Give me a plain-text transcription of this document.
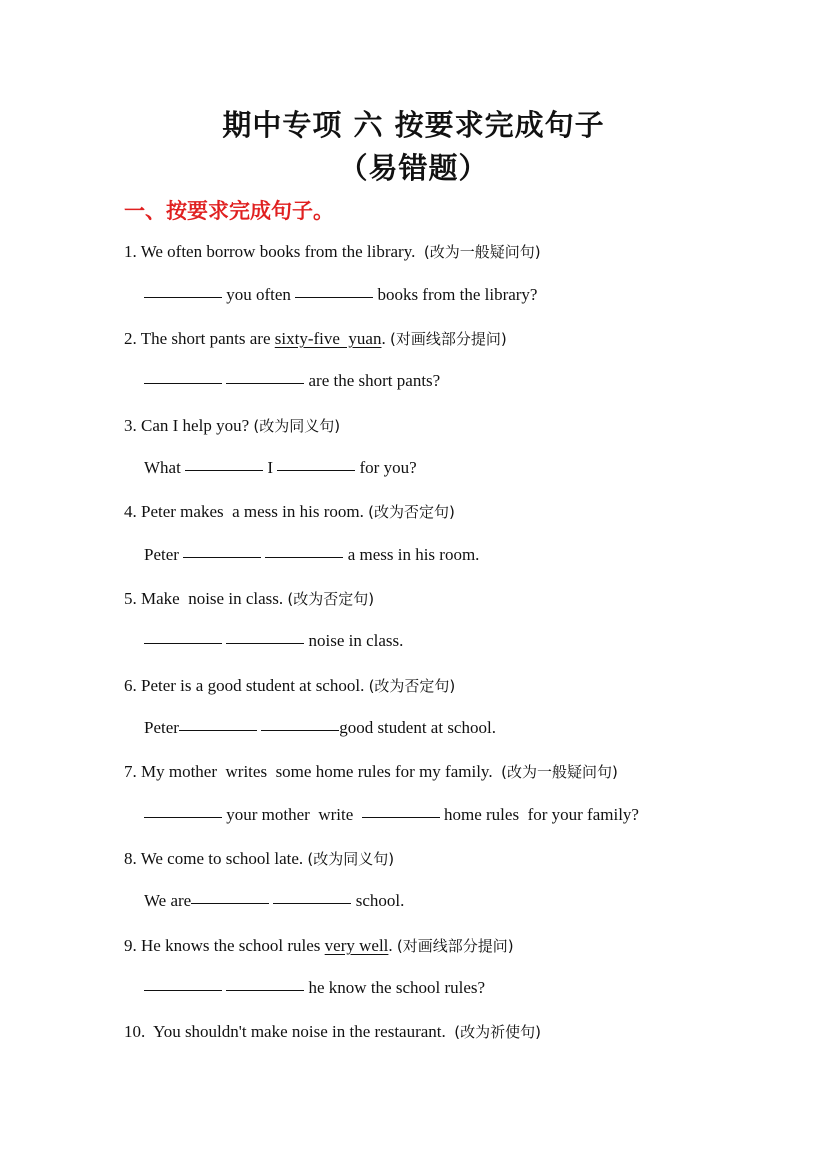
期中专项 六 按要求完成句子
（易错题）
一、按要求完成句子。
1. We often borrow books from the library.  (改为一般疑问句)
you often	books from the library?
2. The short pants are sixty-five  yuan. (对画线部分提问)
are the short pants?
3. Can I help you? (改为同义句)
What	I	for you?
4. Peter makes  a mess in his room. (改为否定句)
Peter	a mess in his room.
5. Make  noise in class. (改为否定句)
noise in class.
6. Peter is a good student at school. (改为否定句)
Peter	good student at school.
7. My mother  writes  some home rules for my family.  (改为一般疑问句)
your mother  write	home rules  for your family?
8. We come to school late. (改为同义句)
We are	school.
9. He knows the school rules very well. (对画线部分提问)
he know the school rules?
10.  You shouldn't make noise in the restaurant.  (改为祈使句)
